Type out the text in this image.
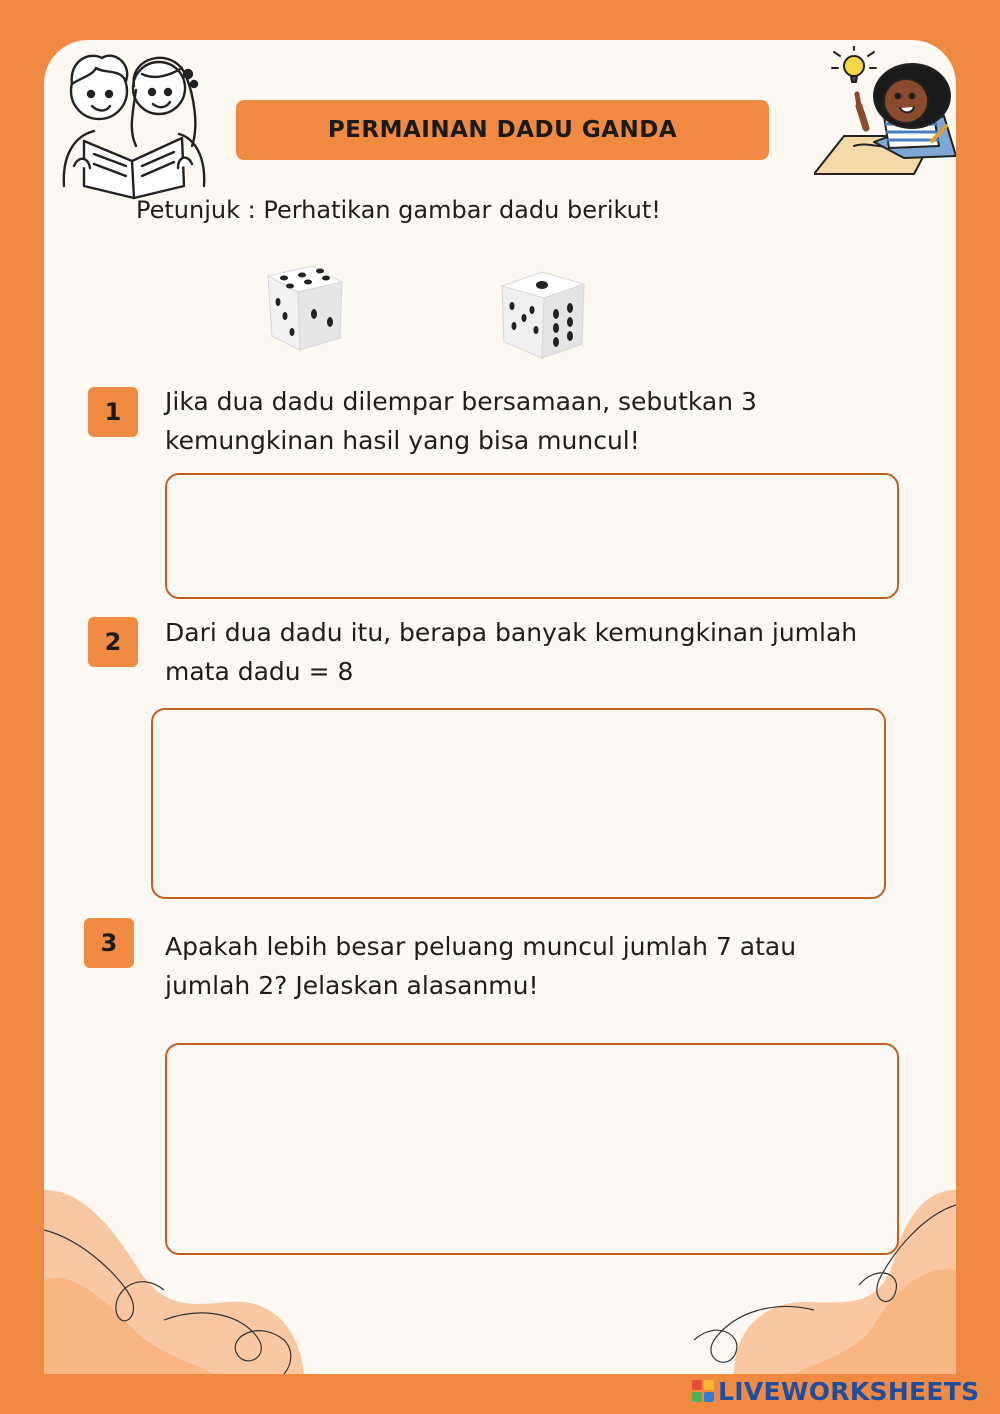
PERMAINAN DADU GANDA
Petunjuk : Perhatikan gambar dadu berikut!
1	Jika dua dadu dilempar bersamaan, sebutkan 3
kemungkinan hasil yang bisa muncul!
2	Dari dua dadu itu, berapa banyak kemungkinan jumlah
mata dadu = 8
3	Apakah lebih besar peluang muncul jumlah 7 atau
jumlah 2? Jelaskan alasanmu!
LIVEWORKSHEETS
